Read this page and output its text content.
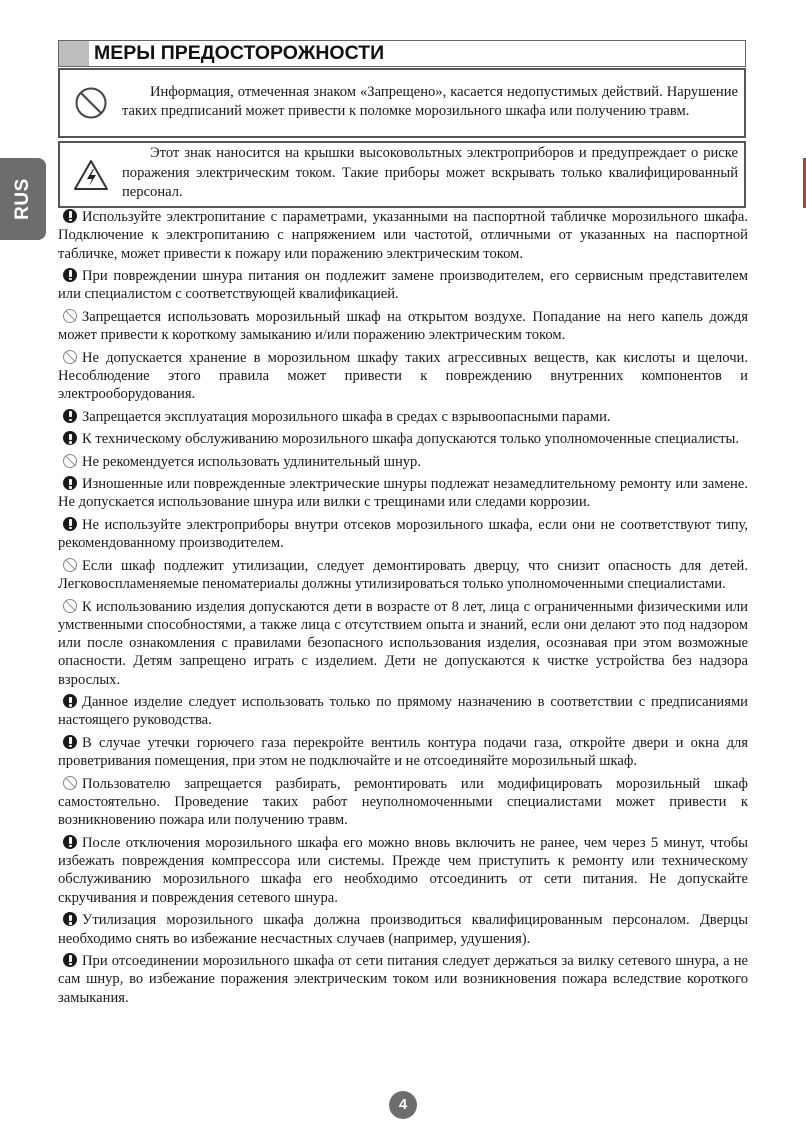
RUS
МЕРЫ ПРЕДОСТОРОЖНОСТИ
Информация, отмеченная знаком «Запрещено», касается недопустимых действий. Нарушение таких предписаний может привести к поломке морозильного шкафа или получению травм.
Этот знак наносится на крышки высоковольтных электроприборов и предупреждает о риске поражения электрическим током. Такие приборы может вскрывать только квалифицированный персонал.

Используйте электропитание с параметрами, указанными на паспортной табличке морозильного шкафа. Подключение к электропитанию с напряжением или частотой, отличными от указанных на паспортной табличке, может привести к пожару или поражению электрическим током.

При повреждении шнура питания он подлежит замене производителем, его сервисным представителем или специалистом с соответствующей квалификацией.

Запрещается использовать морозильный шкаф на открытом воздухе. Попадание на него капель дождя может привести к короткому замыканию и/или поражению электрическим током.

Не допускается хранение в морозильном шкафу таких агрессивных веществ, как кислоты и щелочи. Несоблюдение этого правила может привести к повреждению внутренних компонентов и электрооборудования.

Запрещается эксплуатация морозильного шкафа в средах с взрывоопасными парами.

К техническому обслуживанию морозильного шкафа допускаются только уполномоченные специалисты.

Не рекомендуется использовать удлинительный шнур.

Изношенные или поврежденные электрические шнуры подлежат незамедлительному ремонту или замене. Не допускается использование шнура или вилки с трещинами или следами коррозии.

Не используйте электроприборы внутри отсеков морозильного шкафа, если они не соответствуют типу, рекомендованному производителем.

Если шкаф подлежит утилизации, следует демонтировать дверцу, что снизит опасность для детей. Легковоспламеняемые пеноматериалы должны утилизироваться только уполномоченными специалистами.

К использованию изделия допускаются дети в возрасте от 8 лет, лица с ограниченными физическими или умственными способностями, а также лица с отсутствием опыта и знаний, если они делают это под надзором или после ознакомления с правилами безопасного использования изделия, осознавая при этом возможные опасности. Детям запрещено играть с изделием. Дети не допускаются к чистке устройства без надзора взрослых.

Данное изделие следует использовать только по прямому назначению в соответствии с предписаниями настоящего руководства.

В случае утечки горючего газа перекройте вентиль контура подачи газа, откройте двери и окна для проветривания помещения, при этом не подключайте и не отсоединяйте морозильный шкаф.

Пользователю запрещается разбирать, ремонтировать или модифицировать морозильный шкаф самостоятельно. Проведение таких работ неуполномоченными специалистами может привести к возникновению пожара или получению травм.

После отключения морозильного шкафа его можно вновь включить не ранее, чем через 5 минут, чтобы избежать повреждения компрессора или системы. Прежде чем приступить к ремонту или техническому обслуживанию морозильного шкафа его необходимо отсоединить от сети питания. Не допускайте скручивания и повреждения сетевого шнура.

Утилизация морозильного шкафа должна производиться квалифицированным персоналом. Дверцы необходимо снять во избежание несчастных случаев (например, удушения).

При отсоединении морозильного шкафа от сети питания следует держаться за вилку сетевого шнура, а не сам шнур, во избежание поражения электрическим током или возникновения пожара вследствие короткого замыкания.

4
